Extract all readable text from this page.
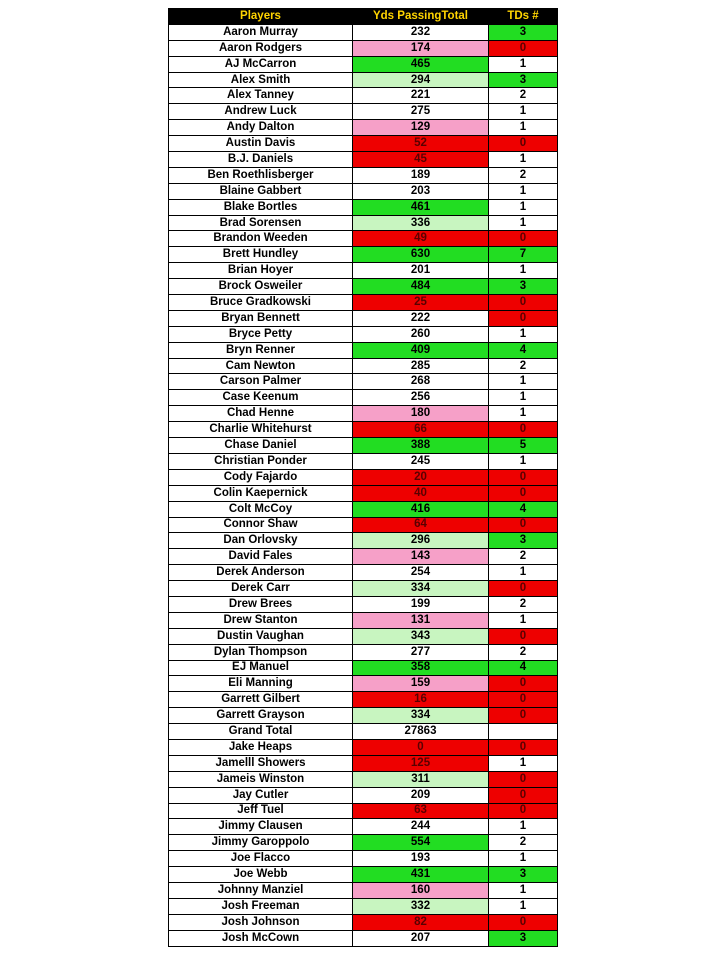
Players	Yds PassingTotal	TDs #
Aaron Murray	232	3
Aaron Rodgers	174	0
AJ McCarron	465	1
Alex Smith	294	3
Alex Tanney	221	2
Andrew Luck	275	1
Andy Dalton	129	1
Austin Davis	52	0
B.J. Daniels	45	1
Ben Roethlisberger	189	2
Blaine Gabbert	203	1
Blake Bortles	461	1
Brad Sorensen	336	1
Brandon Weeden	49	0
Brett Hundley	630	7
Brian Hoyer	201	1
Brock Osweiler	484	3
Bruce Gradkowski	25	0
Bryan Bennett	222	0
Bryce Petty	260	1
Bryn Renner	409	4
Cam Newton	285	2
Carson Palmer	268	1
Case Keenum	256	1
Chad Henne	180	1
Charlie Whitehurst	66	0
Chase Daniel	388	5
Christian Ponder	245	1
Cody Fajardo	20	0
Colin Kaepernick	40	0
Colt McCoy	416	4
Connor Shaw	64	0
Dan Orlovsky	296	3
David Fales	143	2
Derek Anderson	254	1
Derek Carr	334	0
Drew Brees	199	2
Drew Stanton	131	1
Dustin Vaughan	343	0
Dylan Thompson	277	2
EJ Manuel	358	4
Eli Manning	159	0
Garrett Gilbert	16	0
Garrett Grayson	334	0
Grand Total	27863	
Jake Heaps	0	0
Jamelll Showers	125	1
Jameis Winston	311	0
Jay Cutler	209	0
Jeff Tuel	63	0
Jimmy Clausen	244	1
Jimmy Garoppolo	554	2
Joe Flacco	193	1
Joe Webb	431	3
Johnny Manziel	160	1
Josh Freeman	332	1
Josh Johnson	82	0
Josh McCown	207	3
